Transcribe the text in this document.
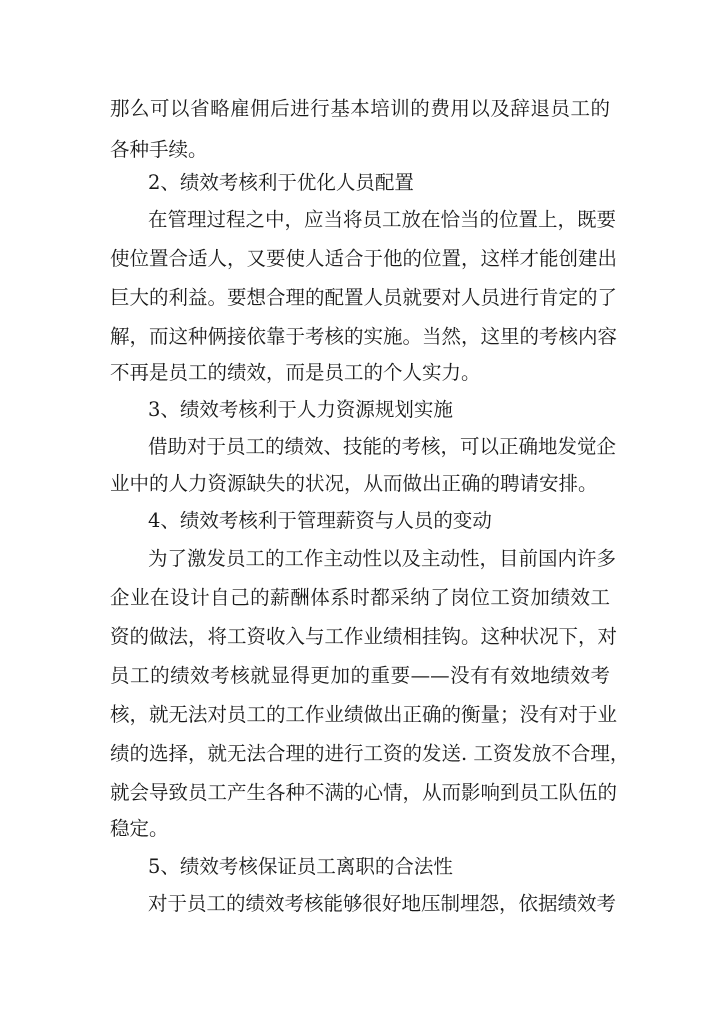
那么可以省略雇佣后进行基本培训的费用以及辞退员工的
各种手续。
2、绩效考核利于优化人员配置
在管理过程之中，应当将员工放在恰当的位置上，既要
使位置合适人，又要使人适合于他的位置，这样才能创建出
巨大的利益。要想合理的配置人员就要对人员进行肯定的了
解，而这种俩接依靠于考核的实施。当然，这里的考核内容
不再是员工的绩效，而是员工的个人实力。
3、绩效考核利于人力资源规划实施
借助对于员工的绩效、技能的考核，可以正确地发觉企
业中的人力资源缺失的状况，从而做出正确的聘请安排。
4、绩效考核利于管理薪资与人员的变动
为了激发员工的工作主动性以及主动性，目前国内许多
企业在设计自己的薪酬体系时都采纳了岗位工资加绩效工
资的做法，将工资收入与工作业绩相挂钩。这种状况下，对
员工的绩效考核就显得更加的重要——没有有效地绩效考
核，就无法对员工的工作业绩做出正确的衡量；没有对于业
绩的选择，就无法合理的进行工资的发送. 工资发放不合理，
就会导致员工产生各种不满的心情，从而影响到员工队伍的
稳定。
5、绩效考核保证员工离职的合法性
对于员工的绩效考核能够很好地压制埋怨，依据绩效考
